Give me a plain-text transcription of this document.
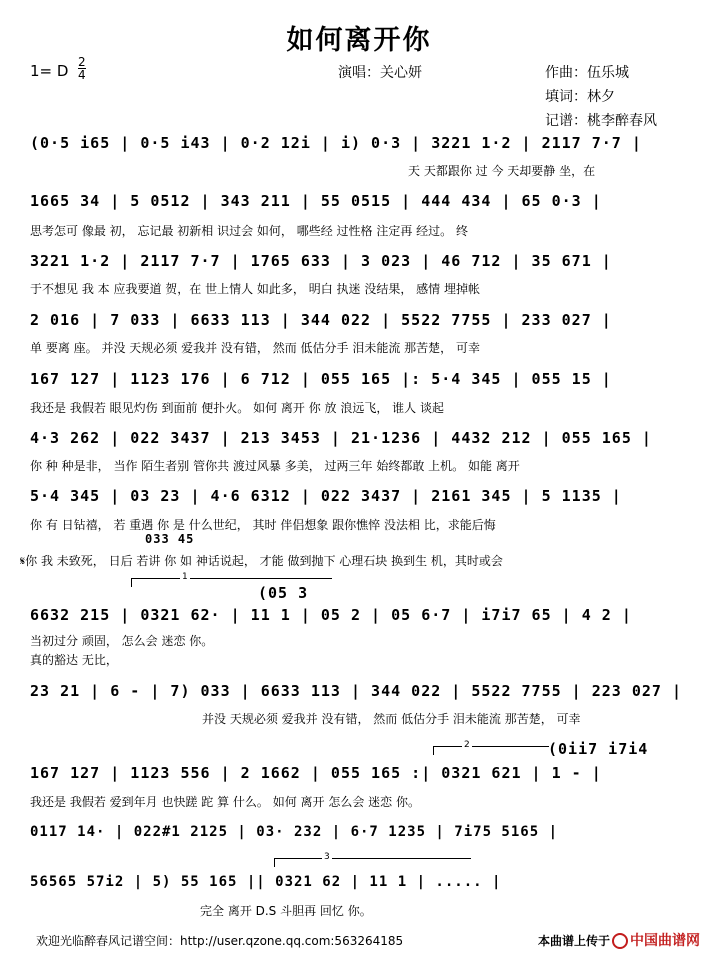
如何离开你
1= D $\frac{2}{4}$	演唱：关心妍	作曲：伍乐城
填词：林夕
记谱：桃李醉春风
(0·5 i65 | 0·5 i43 | 0·2 12i | i) 0·3 | 3221 1·2 | 2117 7·7 |
天 天都跟你 过 今 天却要静 坐，在
1665 34 | 5 0512 | 343 211 | 55 0515 | 444 434 | 65 0·3 |
思考怎可 像最 初， 忘记最 初新相 识过会 如何， 哪些经 过性格 注定再 经过。 终
3221 1·2 | 2117 7·7 | 1765 633 | 3 023 | 46 712 | 35 671 |
于不想见 我 本 应我要道 贺，在 世上情人 如此多， 明白 执迷 没结果， 感情 埋掉帐
2 016 | 7 033 | 6633 113 | 344 022 | 5522 7755 | 233 027 |
单 要离 座。 并没 天规必须 爱我并 没有错， 然而 低估分手 泪未能流 那苦楚， 可幸
167 127 | 1123 176 | 6 712 | 055 165 |: 5·4 345 | 055 15 |
我还是 我假若 眼见灼伤 到面前 便扑火。 如何 离开 你 放 浪远飞， 谁人 谈起
4·3 262 | 022 3437 | 213 3453 | 21·1236 | 4432 212 | 055 165 |
你 种 种是非， 当作 陌生者别 管你共 渡过风暴 多美， 过两三年 始终都敢 上机。 如能 离开
5·4 345 | 03 23 | 4·6 6312 | 022 3437 | 2161 345 | 5 1135 |
你 有 日钻禧， 若 重遇 你 是 什么世纪， 其时 伴侣想象 跟你憔悴 没法相 比，求能后悔
033 45
𝄋你 我 未致死， 日后 若讲 你 如 神话说起， 才能 做到抛下 心理石块 换到生 机，其时或会
1
(05 3
6632 215 | 0321 62· | 11 1 | 05 2 | 05 6·7 | i7i7 65 | 4 2 |
当初过分 顽固， 怎么会 迷恋 你。
真的豁达 无比，
23 21 | 6 - | 7) 033 | 6633 113 | 344 022 | 5522 7755 | 223 027 |
并没 天规必须 爱我并 没有错， 然而 低估分手 泪未能流 那苦楚， 可幸
2	(0ii7 i7i4
167 127 | 1123 556 | 2 1662 | 055 165 :| 0321 621 | 1 - |
我还是 我假若 爱到年月 也快蹉 跎 算 什么。 如何 离开 怎么会 迷恋 你。
0117 14· | 022#1 2125 | 03· 232 | 6·7 1235 | 7i75 5165 |
3
56565 57i2 | 5) 55 165 || 0321 62 | 11 1 | ..... |
完全 离开 D.S 斗胆再 回忆 你。
欢迎光临醉春风记谱空间：http://user.qzone.qq.com:563264185	本曲谱上传于	中国曲谱网
